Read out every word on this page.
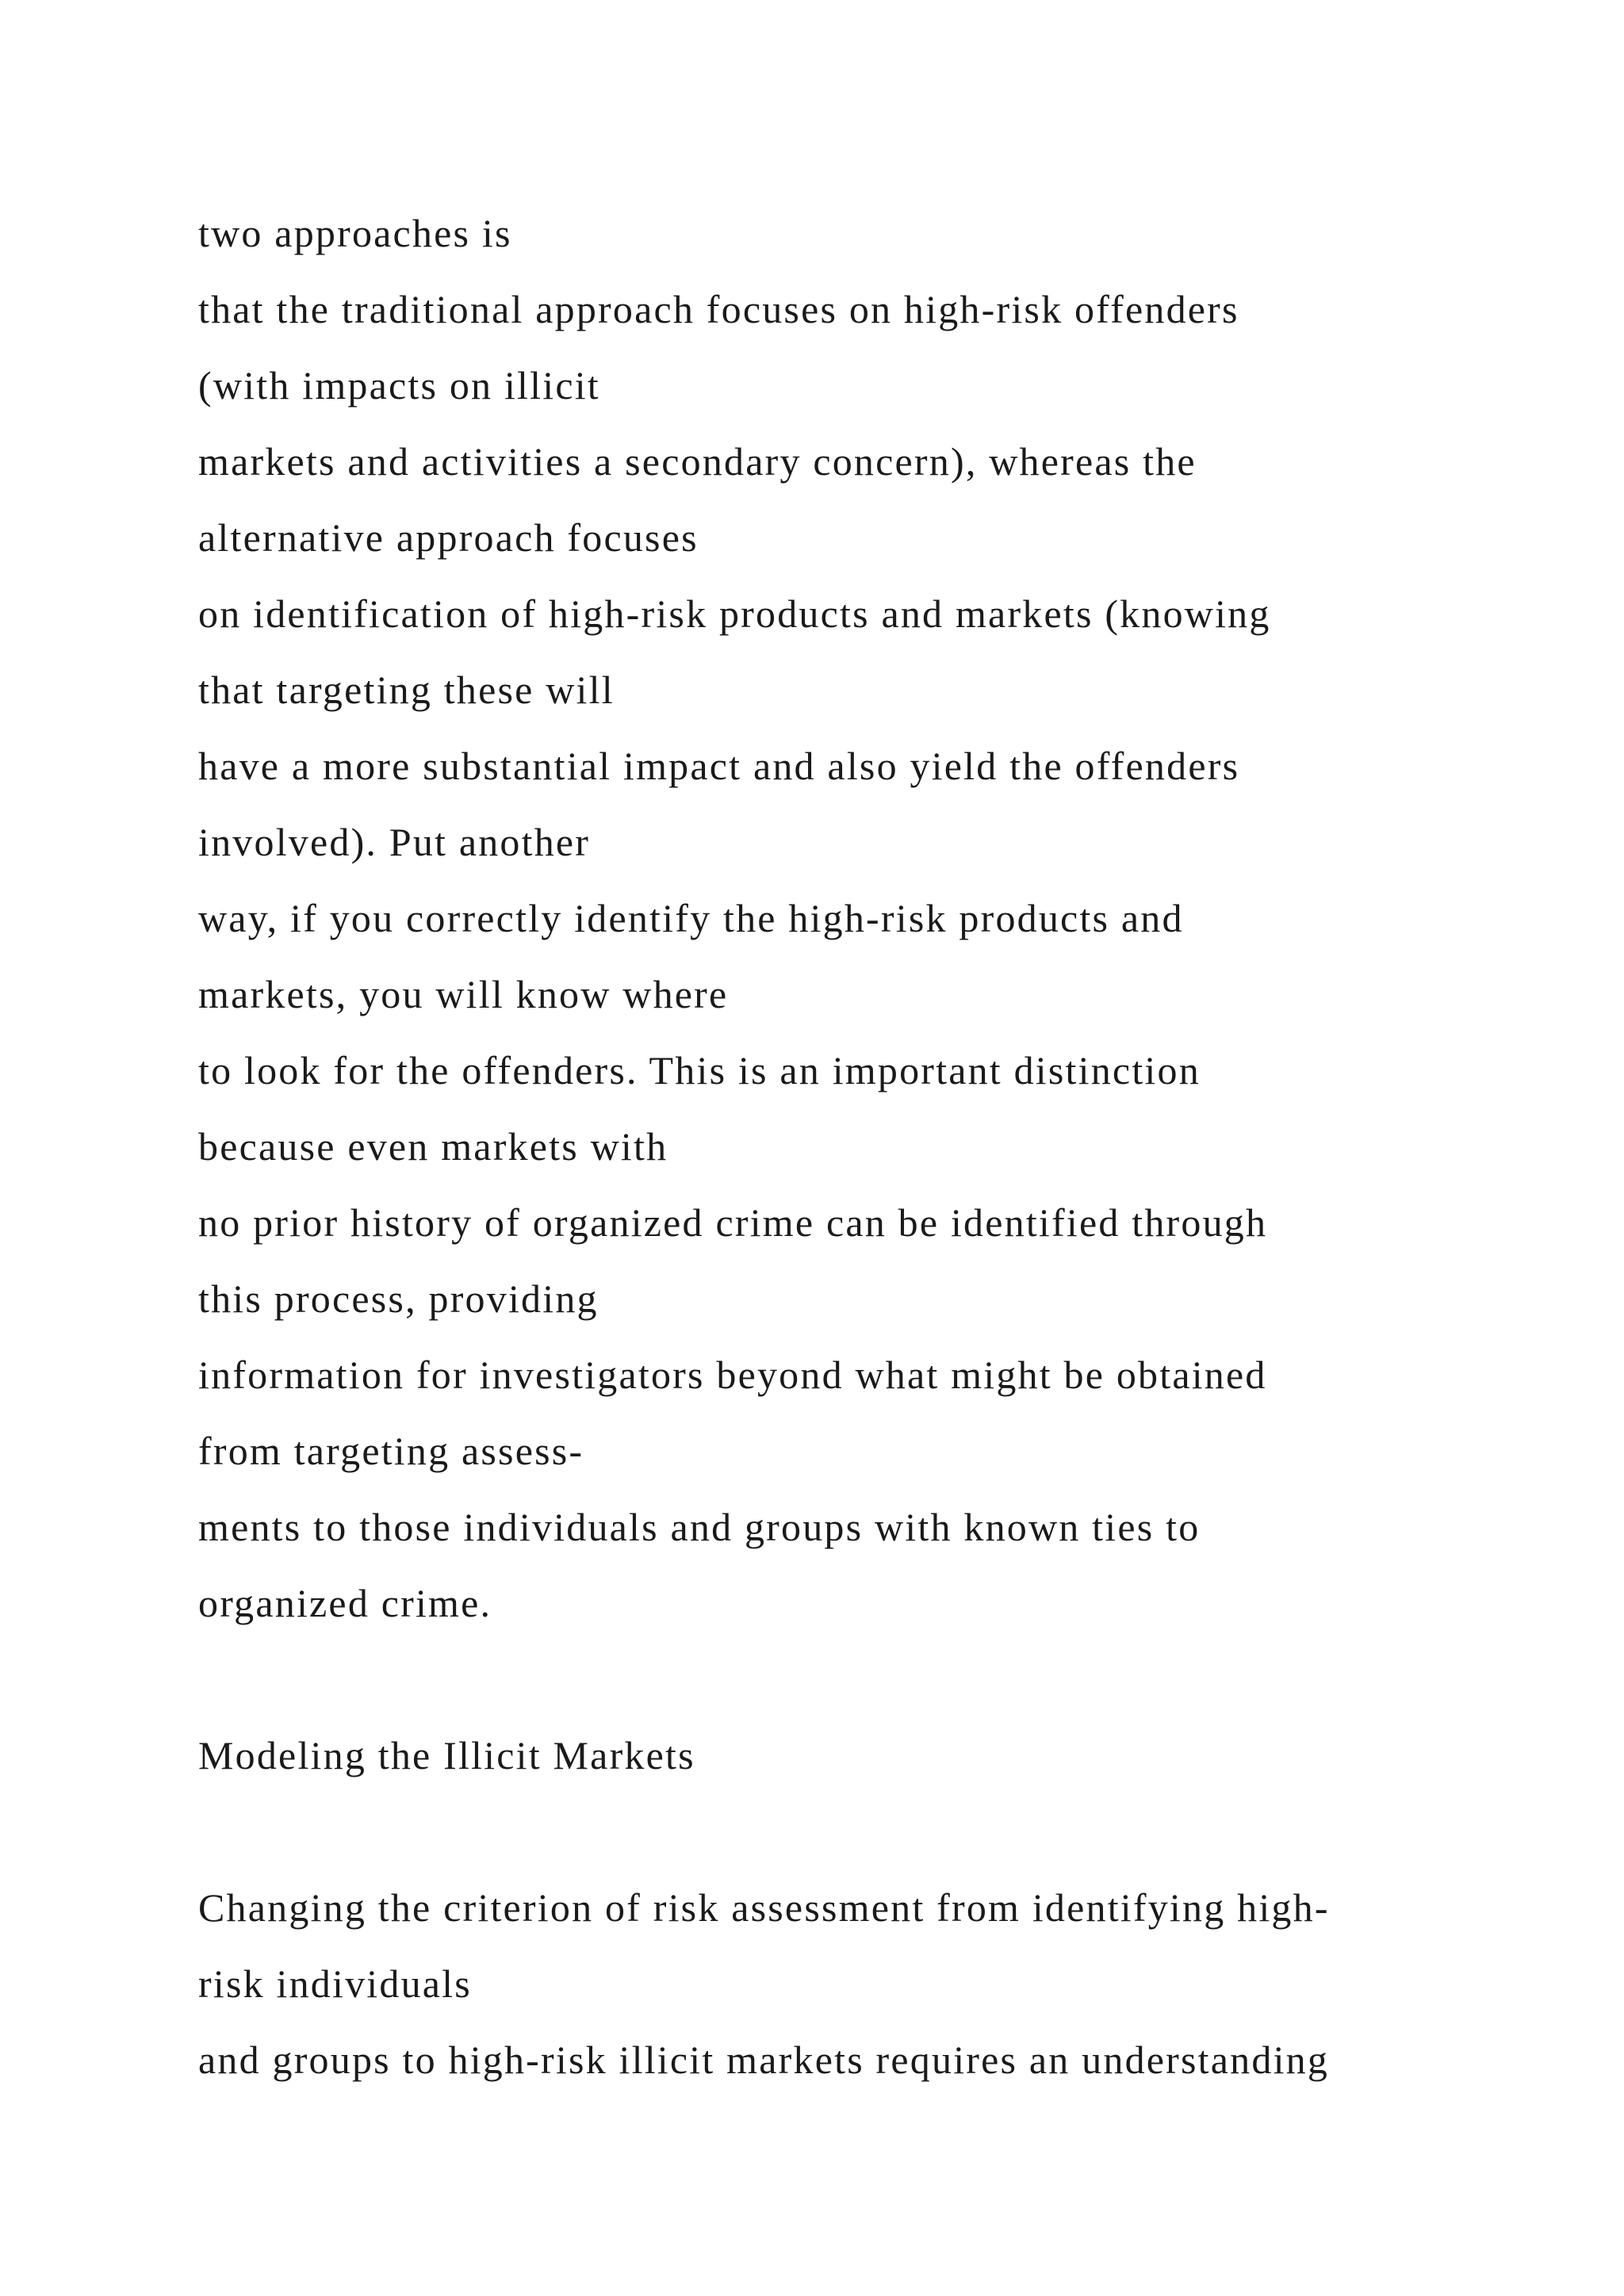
two approaches is
that the traditional approach focuses on high-risk offenders
(with impacts on illicit
markets and activities a secondary concern), whereas the
alternative approach focuses
on identification of high-risk products and markets (knowing
that targeting these will
have a more substantial impact and also yield the offenders
involved). Put another
way, if you correctly identify the high-risk products and
markets, you will know where
to look for the offenders. This is an important distinction
because even markets with
no prior history of organized crime can be identified through
this process, providing
information for investigators beyond what might be obtained
from targeting assess-
ments to those individuals and groups with known ties to
organized crime.
Modeling the Illicit Markets
Changing the criterion of risk assessment from identifying high-
risk individuals
and groups to high-risk illicit markets requires an understanding
